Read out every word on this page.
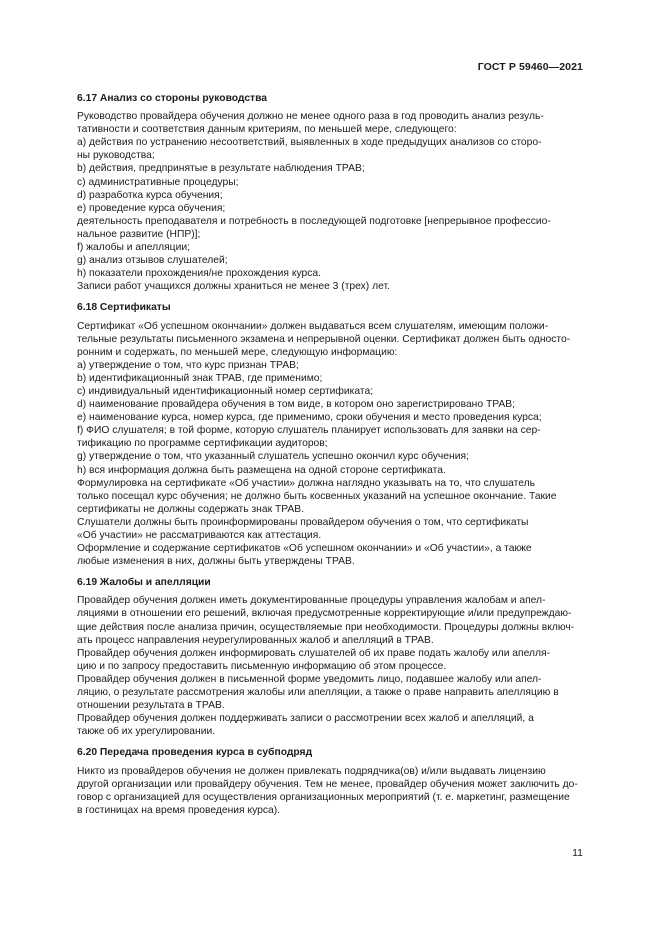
ГОСТ Р 59460—2021
6.17 Анализ со стороны руководства
Руководство провайдера обучения должно не менее одного раза в год проводить анализ резуль-
тативности и соответствия данным критериям, по меньшей мере, следующего:
а) действия по устранению несоответствий, выявленных в ходе предыдущих анализов со сторо-
ны руководства;
b) действия, предпринятые в результате наблюдения ТРАВ;
c) административные процедуры;
d) разработка курса обучения;
e) проведение курса обучения;
деятельность преподавателя и потребность в последующей подготовке [непрерывное профессио-
нальное развитие (НПР)];
f) жалобы и апелляции;
g) анализ отзывов слушателей;
h) показатели прохождения/не прохождения курса.
Записи работ учащихся должны храниться не менее 3 (трех) лет.
6.18 Сертификаты
Сертификат «Об успешном окончании» должен выдаваться всем слушателям, имеющим положи-
тельные результаты письменного экзамена и непрерывной оценки. Сертификат должен быть односто-
ронним и содержать, по меньшей мере, следующую информацию:
а) утверждение о том, что курс признан ТРАВ;
b) идентификационный знак ТРАВ, где применимо;
c) индивидуальный идентификационный номер сертификата;
d) наименование провайдера обучения в том виде, в котором оно зарегистрировано ТРАВ;
e) наименование курса, номер курса, где применимо, сроки обучения и место проведения курса;
f) ФИО слушателя; в той форме, которую слушатель планирует использовать для заявки на сер-
тификацию по программе сертификации аудиторов;
g) утверждение о том, что указанный слушатель успешно окончил курс обучения;
h) вся информация должна быть размещена на одной стороне сертификата.
Формулировка на сертификате «Об участии» должна наглядно указывать на то, что слушатель
только посещал курс обучения; не должно быть косвенных указаний на успешное окончание. Такие
сертификаты не должны содержать знак ТРАВ.
Слушатели должны быть проинформированы провайдером обучения о том, что сертификаты
«Об участии» не рассматриваются как аттестация.
Оформление и содержание сертификатов «Об успешном окончании» и «Об участии», а также
любые изменения в них, должны быть утверждены ТРАВ.
6.19 Жалобы и апелляции
Провайдер обучения должен иметь документированные процедуры управления жалобам и апел-
ляциями в отношении его решений, включая предусмотренные корректирующие и/или предупреждаю-
щие действия после анализа причин, осуществляемые при необходимости. Процедуры должны включ-
ать процесс направления неурегулированных жалоб и апелляций в ТРАВ.
Провайдер обучения должен информировать слушателей об их праве подать жалобу или апелля-
цию и по запросу предоставить письменную информацию об этом процессе.
Провайдер обучения должен в письменной форме уведомить лицо, подавшее жалобу или апел-
ляцию, о результате рассмотрения жалобы или апелляции, а также о праве направить апелляцию в
отношении результата в ТРАВ.
Провайдер обучения должен поддерживать записи о рассмотрении всех жалоб и апелляций, а
также об их урегулировании.
6.20 Передача проведения курса в субподряд
Никто из провайдеров обучения не должен привлекать подрядчика(ов) и/или выдавать лицензию
другой организации или провайдеру обучения. Тем не менее, провайдер обучения может заключить до-
говор с организацией для осуществления организационных мероприятий (т. е. маркетинг, размещение
в гостиницах на время проведения курса).
11
